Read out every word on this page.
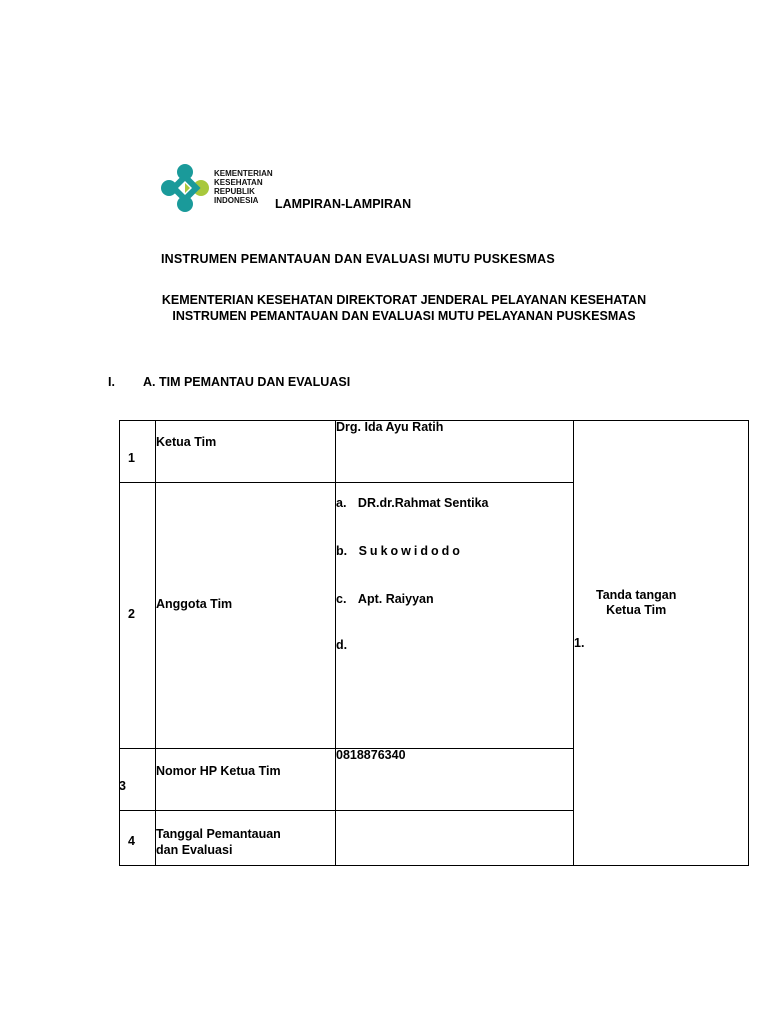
KEMENTERIAN
KESEHATAN
REPUBLIK
INDONESIA	LAMPIRAN-LAMPIRAN
INSTRUMEN PEMANTAUAN DAN EVALUASI MUTU PUSKESMAS
KEMENTERIAN KESEHATAN DIREKTORAT JENDERAL PELAYANAN KESEHATAN
INSTRUMEN PEMANTAUAN DAN EVALUASI MUTU PELAYANAN PUSKESMAS
I. A. TIM PEMANTAU DAN EVALUASI
1
Ketua Tim
Drg. Ida Ayu Ratih
2
Anggota Tim
a. DR.dr.Rahmat Sentika
b. Sukowidodo
c. Apt. Raiyyan
d.
3
Nomor HP Ketua Tim
0818876340
4 Tanggal Pemantauan
dan Evaluasi
Tanda tangan
Ketua Tim
1.
